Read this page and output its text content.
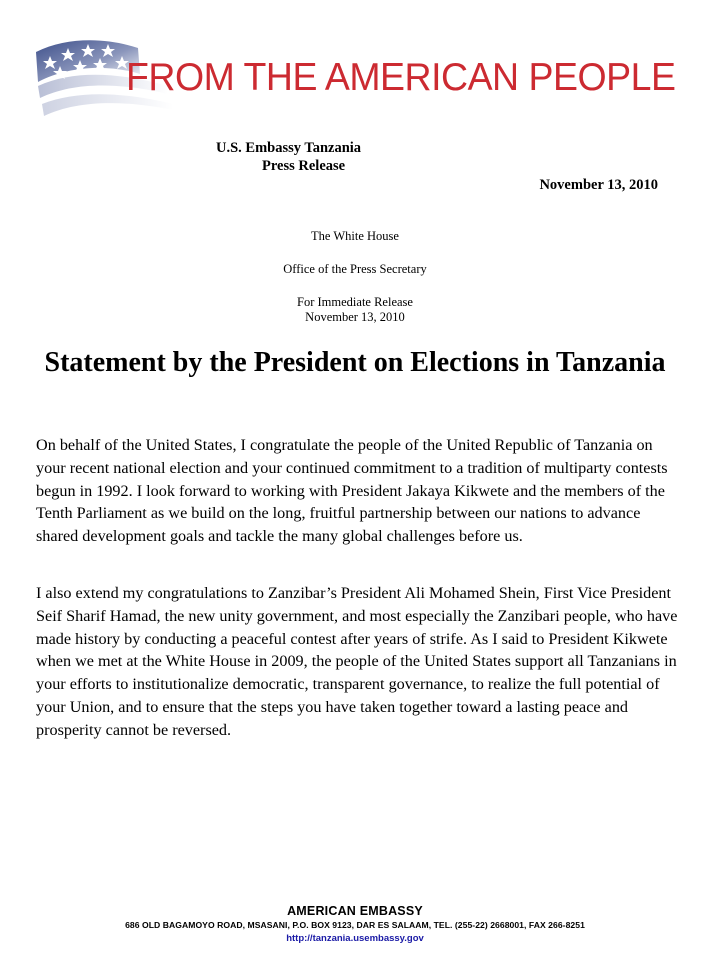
FROM THE AMERICAN PEOPLE
U.S. Embassy Tanzania
Press Release
November 13, 2010
The White House
Office of the Press Secretary
For Immediate Release
November 13, 2010
Statement by the President on Elections in Tanzania

On behalf of the United States, I congratulate the people of the United Republic of Tanzania on your recent national election and your continued commitment to a tradition of multiparty contests begun in 1992. I look forward to working with President Jakaya Kikwete and the members of the Tenth Parliament as we build on the long, fruitful partnership between our nations to advance shared development goals and tackle the many global challenges before us.

I also extend my congratulations to Zanzibar’s President Ali Mohamed Shein, First Vice President Seif Sharif Hamad, the new unity government, and most especially the Zanzibari people, who have made history by conducting a peaceful contest after years of strife. As I said to President Kikwete when we met at the White House in 2009, the people of the United States support all Tanzanians in your efforts to institutionalize democratic, transparent governance, to realize the full potential of your Union, and to ensure that the steps you have taken together toward a lasting peace and prosperity cannot be reversed.

AMERICAN EMBASSY
686 OLD BAGAMOYO ROAD, MSASANI, P.O. BOX 9123, DAR ES SALAAM, TEL. (255-22) 2668001, FAX 266-8251
http://tanzania.usembassy.gov
